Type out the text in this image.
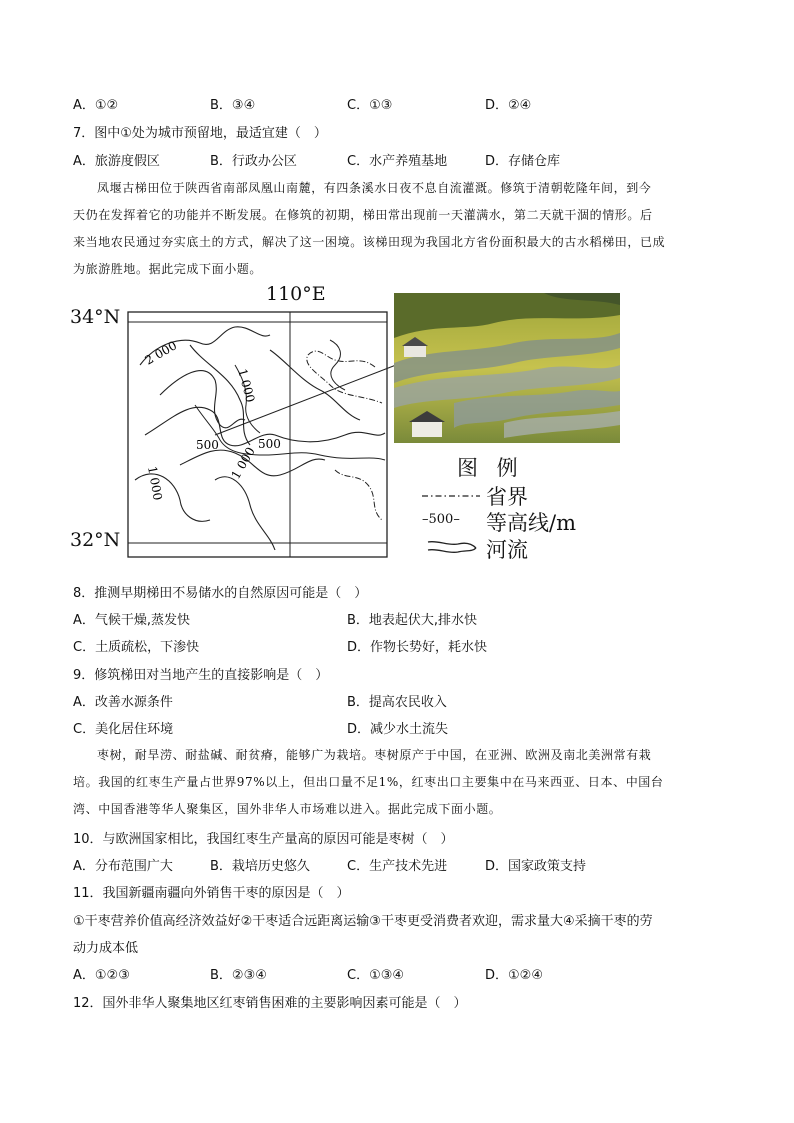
A．①②	B．③④	C．①③	D．②④
7．图中①处为城市预留地，最适宜建（　）
A．旅游度假区	B．行政办公区	C．水产养殖基地	D．存储仓库
凤堰古梯田位于陕西省南部凤凰山南麓，有四条溪水日夜不息自流灌溉。修筑于清朝乾隆年间，到今
天仍在发挥着它的功能并不断发展。在修筑的初期，梯田常出现前一天灌满水，第二天就干涸的情形。后
来当地农民通过夯实底土的方式，解决了这一困境。该梯田现为我国北方省份面积最大的古水稻梯田，已成
为旅游胜地。据此完成下面小题。
110°E
34°N
32°N
2 000
1 000
500	500
1 000
1 000	图 例
省界
–500– 等高线/m
河流
8．推测早期梯田不易储水的自然原因可能是（　）
A．气候干燥,蒸发快	B．地表起伏大,排水快
C．土质疏松，下渗快	D．作物长势好，耗水快
9．修筑梯田对当地产生的直接影响是（　）
A．改善水源条件	B．提高农民收入
C．美化居住环境	D．减少水土流失
枣树，耐旱涝、耐盐碱、耐贫瘠，能够广为栽培。枣树原产于中国，在亚洲、欧洲及南北美洲常有栽
培。我国的红枣生产量占世界97%以上，但出口量不足1%，红枣出口主要集中在马来西亚、日本、中国台
湾、中国香港等华人聚集区，国外非华人市场难以进入。据此完成下面小题。
10．与欧洲国家相比，我国红枣生产量高的原因可能是枣树（　）
A．分布范围广大	B．栽培历史悠久	C．生产技术先进	D．国家政策支持
11．我国新疆南疆向外销售干枣的原因是（　）
①干枣营养价值高经济效益好②干枣适合远距离运输③干枣更受消费者欢迎，需求量大④采摘干枣的劳
动力成本低
A．①②③	B．②③④	C．①③④	D．①②④
12．国外非华人聚集地区红枣销售困难的主要影响因素可能是（　）
